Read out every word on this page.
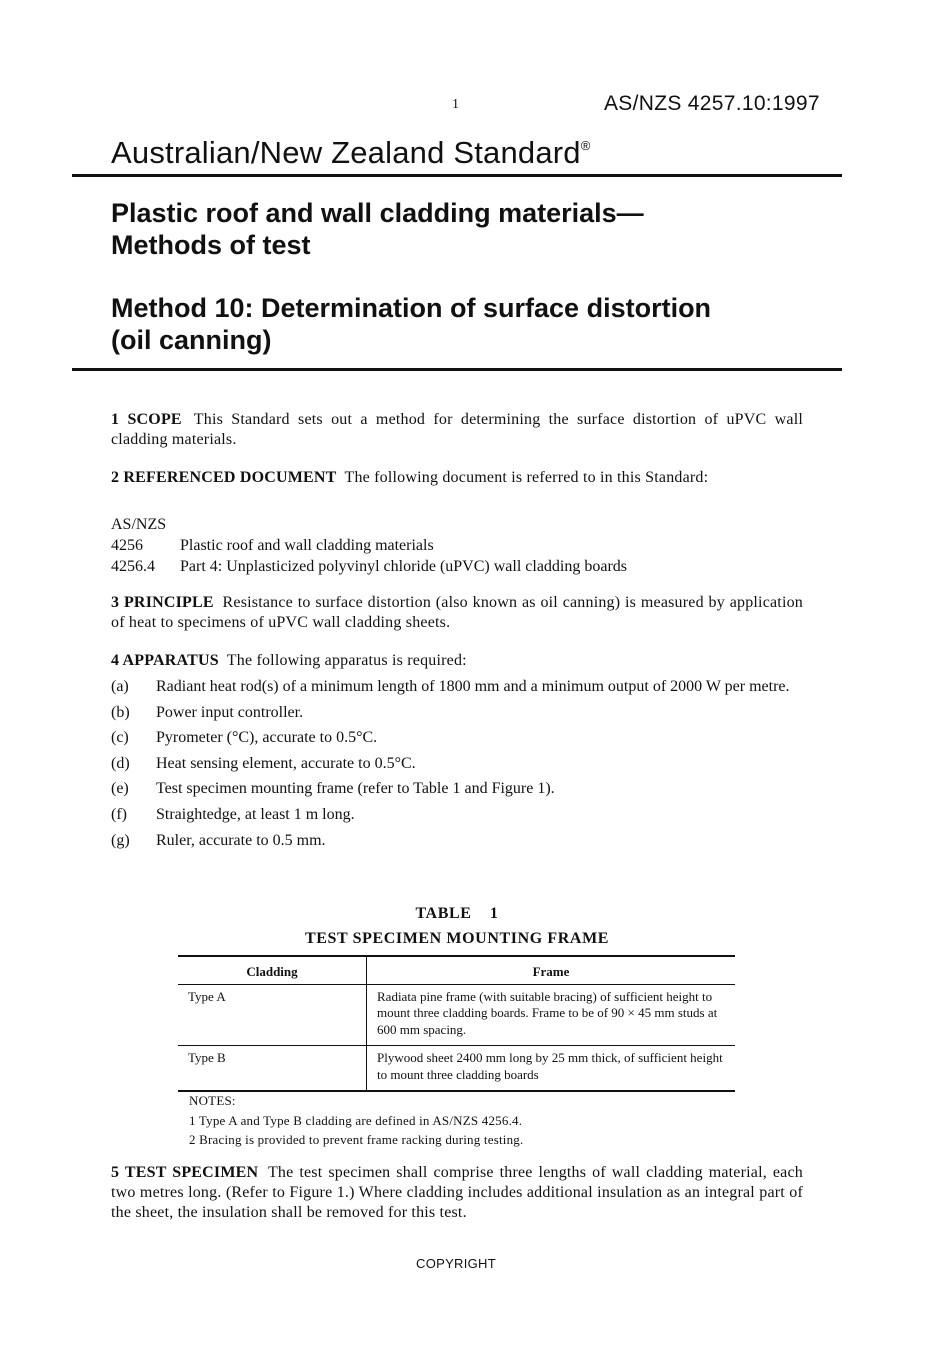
1	AS/NZS 4257.10:1997
Australian/New Zealand Standard®
Plastic roof and wall cladding materials—
Methods of test
Method 10: Determination of surface distortion
(oil canning)
1 SCOPE This Standard sets out a method for determining the surface distortion of uPVC wall cladding materials.
2 REFERENCED DOCUMENT The following document is referred to in this Standard:
AS/NZS
4256	Plastic roof and wall cladding materials
4256.4	Part 4: Unplasticized polyvinyl chloride (uPVC) wall cladding boards
3 PRINCIPLE Resistance to surface distortion (also known as oil canning) is measured by application of heat to specimens of uPVC wall cladding sheets.
4 APPARATUS The following apparatus is required:
(a)	Radiant heat rod(s) of a minimum length of 1800 mm and a minimum output of 2000 W per metre.
(b)	Power input controller.
(c)	Pyrometer (°C), accurate to 0.5°C.
(d)	Heat sensing element, accurate to 0.5°C.
(e)	Test specimen mounting frame (refer to Table 1 and Figure 1).
(f)	Straightedge, at least 1 m long.
(g)	Ruler, accurate to 0.5 mm.
TABLE    1
TEST SPECIMEN MOUNTING FRAME
Cladding	Frame
Type A	Radiata pine frame (with suitable bracing) of sufficient height to mount three cladding boards. Frame to be of 90 × 45 mm studs at 600 mm spacing.
Type B	Plywood sheet 2400 mm long by 25 mm thick, of sufficient height to mount three cladding boards
NOTES:
1 Type A and Type B cladding are defined in AS/NZS 4256.4.
2 Bracing is provided to prevent frame racking during testing.
5 TEST SPECIMEN The test specimen shall comprise three lengths of wall cladding material, each two metres long. (Refer to Figure 1.) Where cladding includes additional insulation as an integral part of the sheet, the insulation shall be removed for this test.
COPYRIGHT
